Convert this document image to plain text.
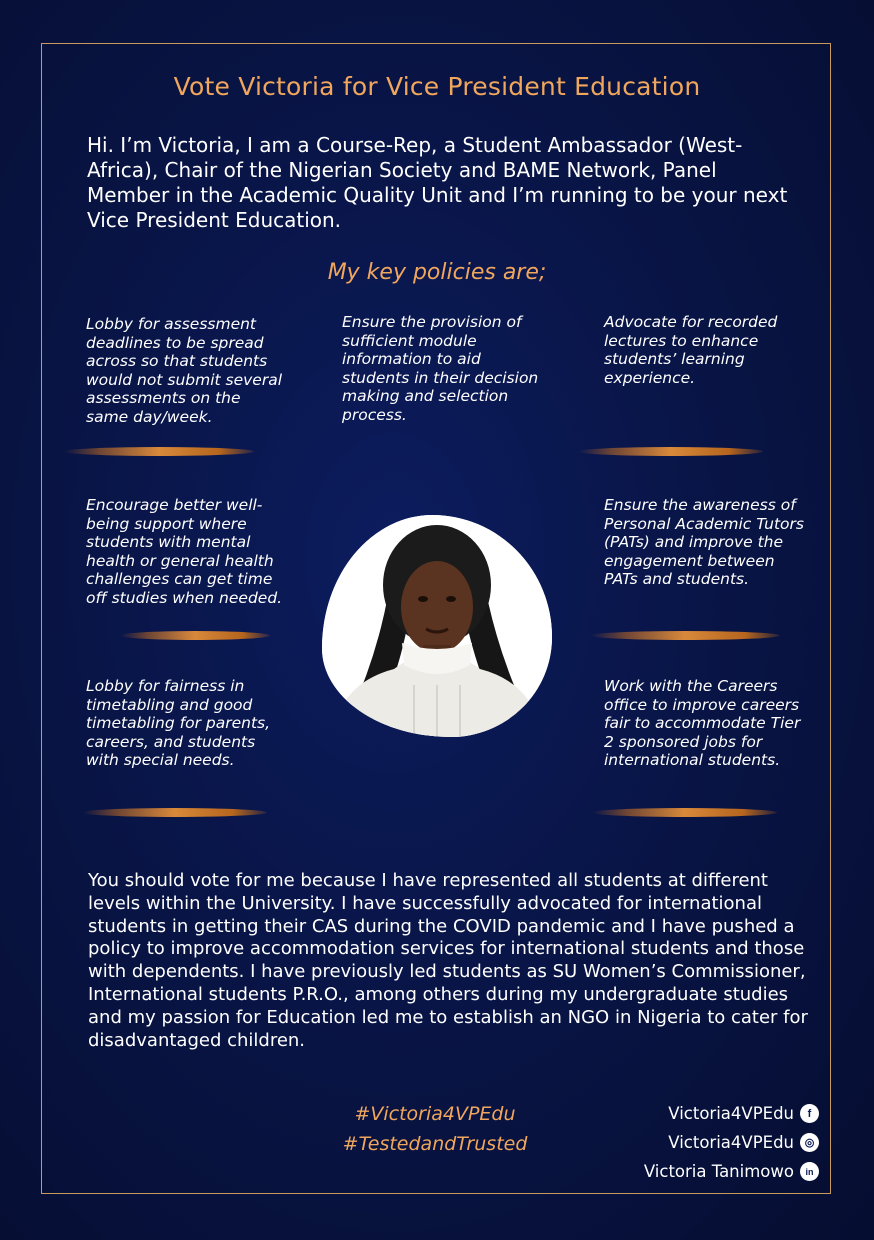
Vote Victoria for Vice President Education
Hi. I’m Victoria, I am a Course-Rep, a Student Ambassador (West-Africa), Chair of the Nigerian Society and BAME Network, Panel Member in the Academic Quality Unit and I’m running to be your next Vice President Education.
My key policies are;
Lobby for assessment deadlines to be spread across so that students would not submit several assessments on the same day/week.
Ensure the provision of sufficient module information to aid students in their decision making and selection process.
Advocate for recorded lectures to enhance students’ learning experience.
Encourage better well-being support where students with mental health or general health challenges can get time off studies when needed.
Ensure the awareness of Personal Academic Tutors (PATs) and improve the engagement between PATs and students.
Lobby for fairness in timetabling and good timetabling for parents, careers, and students with special needs.
Work with the Careers office to improve careers fair to accommodate Tier 2 sponsored jobs for international students.
You should vote for me because I have represented all students at different levels within the University. I have successfully advocated for international students in getting their CAS during the COVID pandemic and I have pushed a policy to improve accommodation services for international students and those with dependents. I have previously led students as SU Women’s Commissioner, International students P.R.O., among others during my undergraduate studies and my passion for Education led me to establish an NGO in Nigeria to cater for disadvantaged children.
#Victoria4VPEdu
#TestedandTrusted
Victoria4VPEdu	f
Victoria4VPEdu ◎
Victoria Tanimowo	in
